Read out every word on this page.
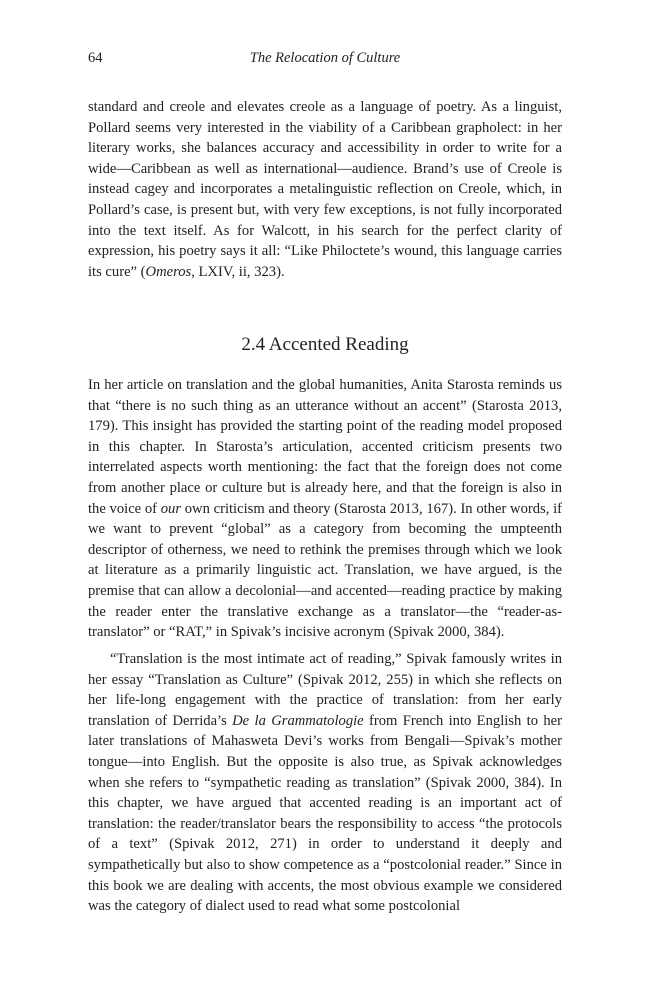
64	The Relocation of Culture

standard and creole and elevates creole as a language of poetry. As a linguist, Pollard seems very interested in the viability of a Caribbean grapholect: in her literary works, she balances accuracy and accessibility in order to write for a wide—Caribbean as well as international—audience. Brand’s use of Creole is instead cagey and incorporates a metalinguistic reflection on Creole, which, in Pollard’s case, is present but, with very few exceptions, is not fully incorporated into the text itself. As for Walcott, in his search for the perfect clarity of expression, his poetry says it all: “Like Philoctete’s wound, this language carries its cure” (Omeros, LXIV, ii, 323).

2.4 Accented Reading

In her article on translation and the global humanities, Anita Starosta reminds us that “there is no such thing as an utterance without an accent” (Starosta 2013, 179). This insight has provided the starting point of the reading model proposed in this chapter. In Starosta’s articulation, accented criticism presents two interrelated aspects worth mentioning: the fact that the foreign does not come from another place or culture but is already here, and that the foreign is also in the voice of our own criticism and theory (Starosta 2013, 167). In other words, if we want to prevent “global” as a category from becoming the umpteenth descriptor of otherness, we need to rethink the premises through which we look at literature as a primarily linguistic act. Translation, we have argued, is the premise that can allow a decolonial—and accented—reading practice by making the reader enter the translative exchange as a translator—the “reader-as-translator” or “RAT,” in Spivak’s incisive acronym (Spivak 2000, 384).

“Translation is the most intimate act of reading,” Spivak famously writes in her essay “Translation as Culture” (Spivak 2012, 255) in which she reflects on her life-long engagement with the practice of translation: from her early translation of Derrida’s De la Grammatologie from French into English to her later translations of Mahasweta Devi’s works from Bengali—Spivak’s mother tongue—into English. But the opposite is also true, as Spivak acknowledges when she refers to “sympathetic reading as translation” (Spivak 2000, 384). In this chapter, we have argued that accented reading is an important act of translation: the reader/translator bears the responsibility to access “the protocols of a text” (Spivak 2012, 271) in order to understand it deeply and sympathetically but also to show competence as a “postcolonial reader.” Since in this book we are dealing with accents, the most obvious example we considered was the category of dialect used to read what some postcolonial
